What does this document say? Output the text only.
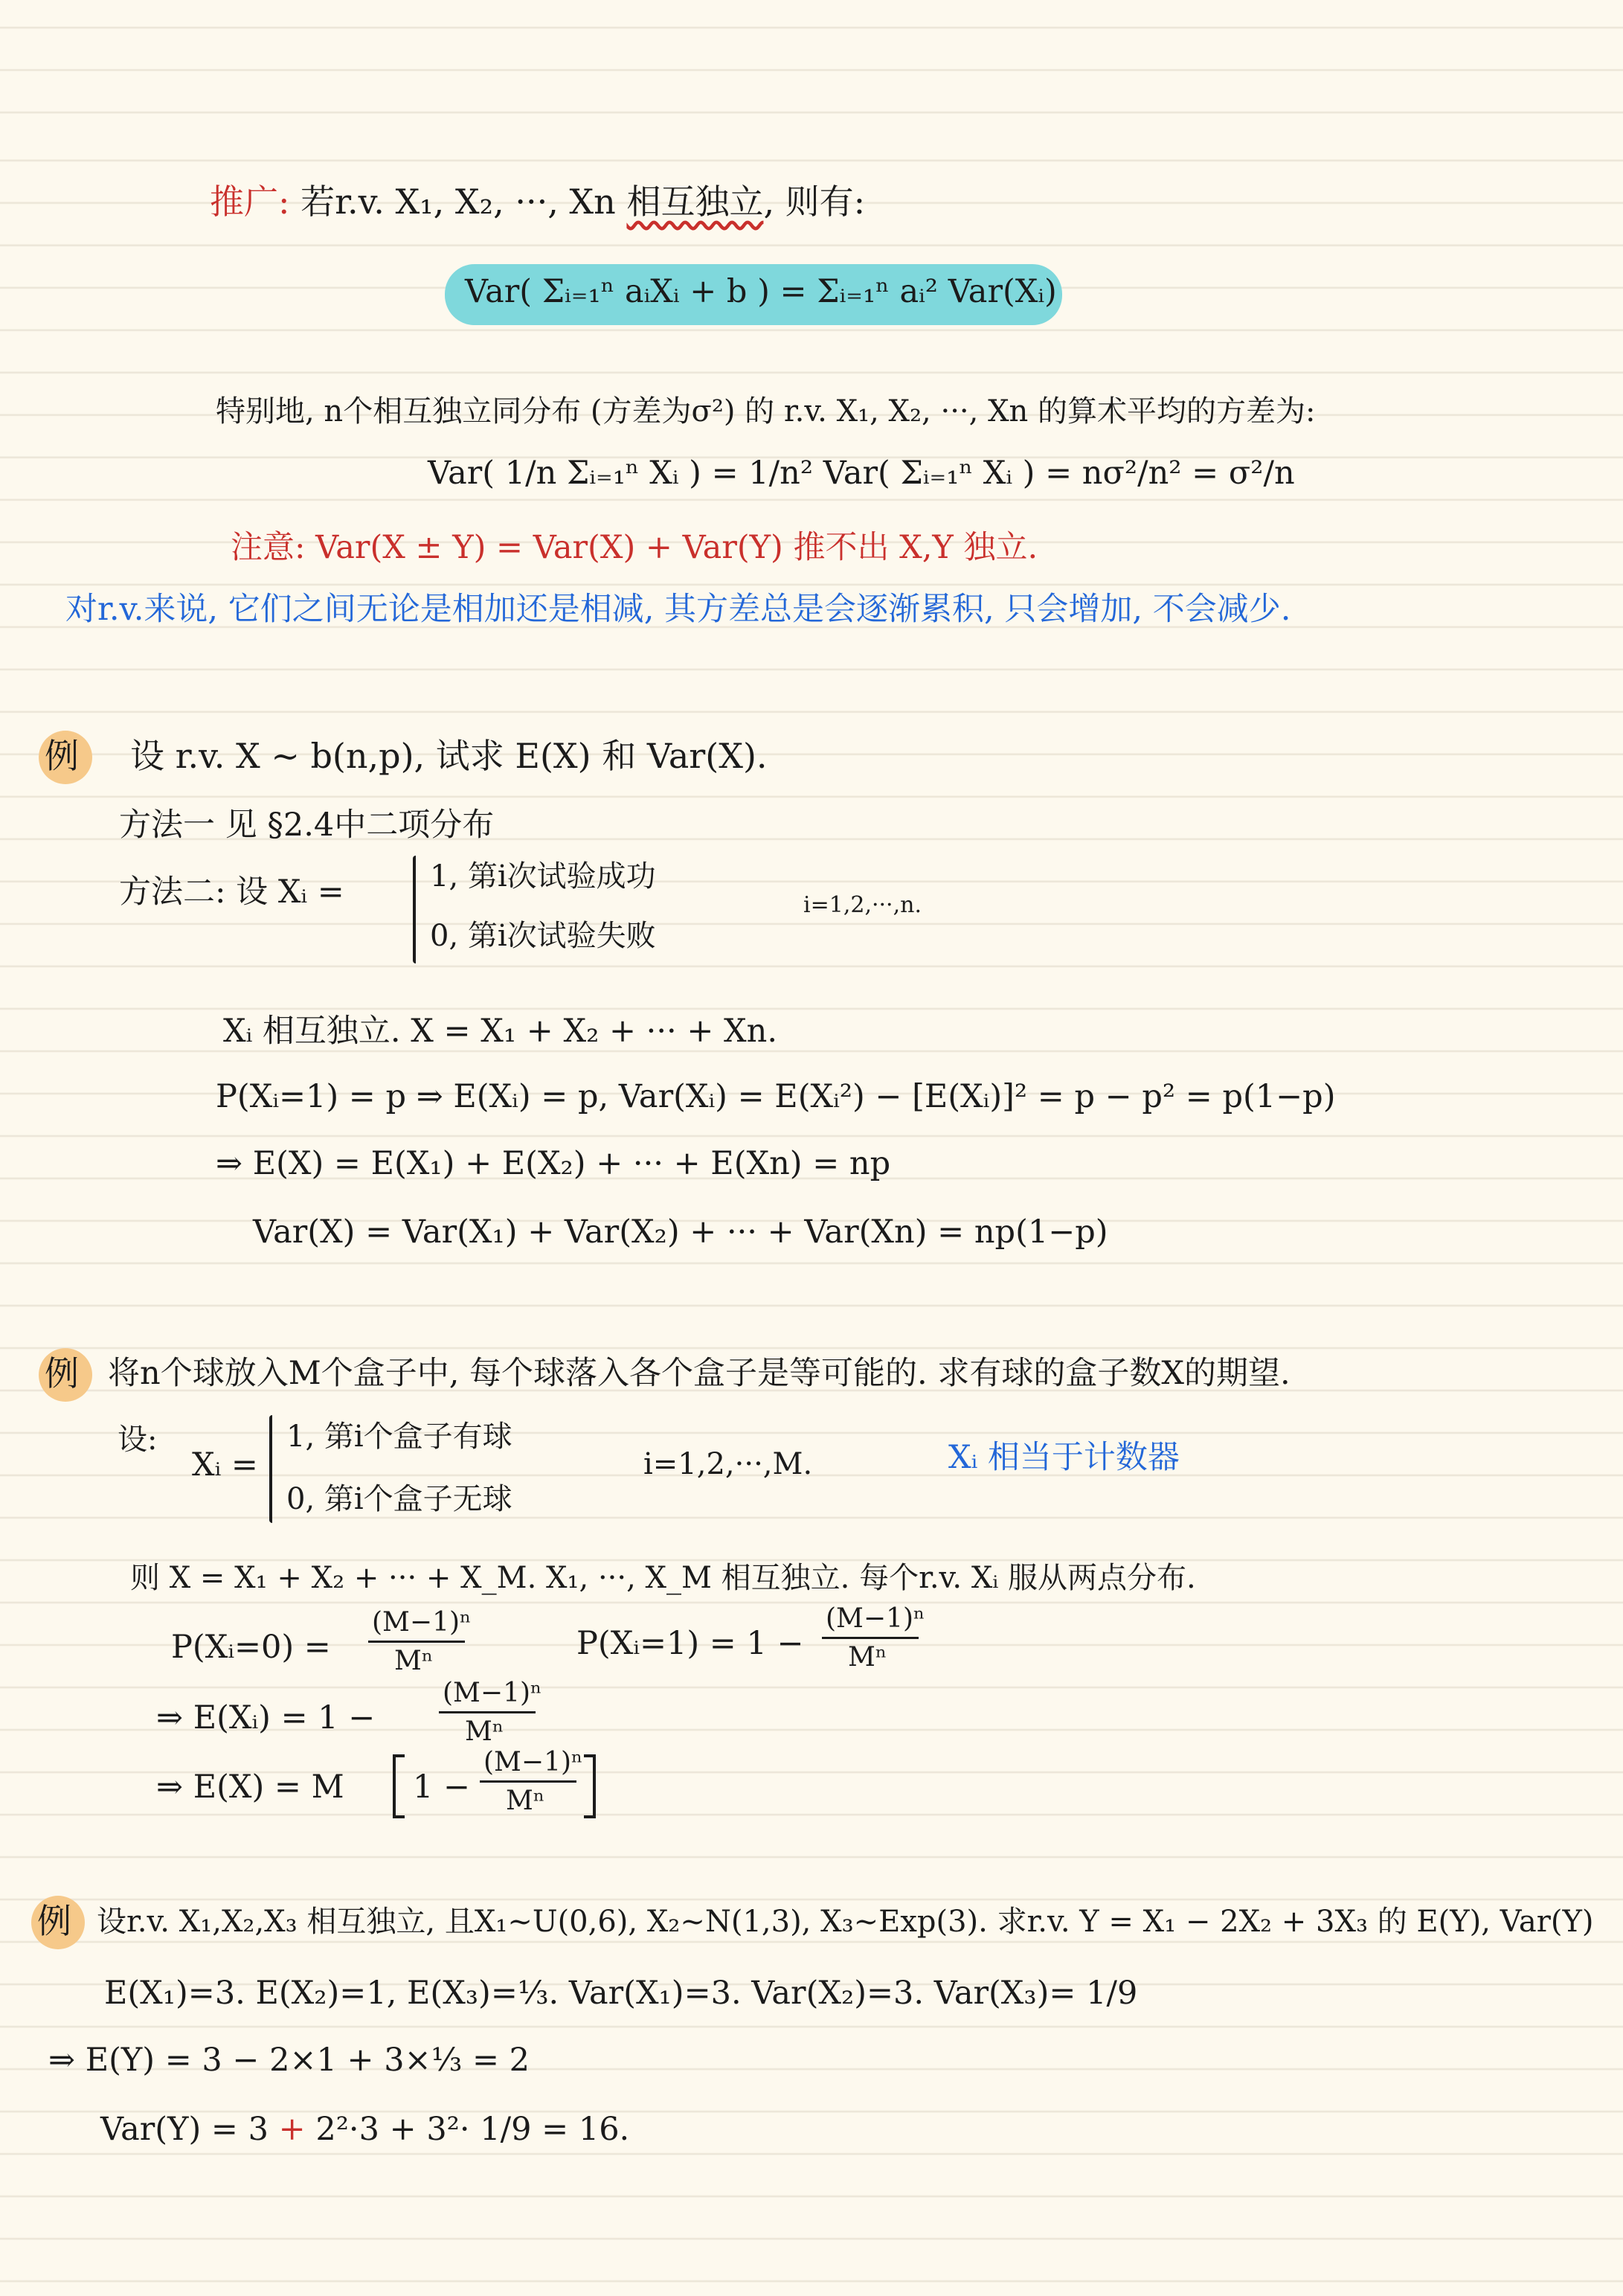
推广: 若r.v. X₁, X₂, ···, Xn 相互独立, 则有:
Var( Σᵢ₌₁ⁿ aᵢXᵢ + b ) = Σᵢ₌₁ⁿ aᵢ² Var(Xᵢ)
特别地, n个相互独立同分布 (方差为σ²) 的 r.v. X₁, X₂, ···, Xn 的算术平均的方差为:
Var( 1/n Σᵢ₌₁ⁿ Xᵢ ) = 1/n² Var( Σᵢ₌₁ⁿ Xᵢ ) = nσ²/n² = σ²/n
注意: Var(X ± Y) = Var(X) + Var(Y) 推不出 X,Y 独立.
对r.v.来说, 它们之间无论是相加还是相减, 其方差总是会逐渐累积, 只会增加, 不会减少.
例 设 r.v. X ~ b(n,p), 试求 E(X) 和 Var(X).
方法一 见 §2.4中二项分布
方法二: 设 Xᵢ =	1, 第i次试验成功
0, 第i次试验失败
i=1,2,···,n.
Xᵢ 相互独立. X = X₁ + X₂ + ··· + Xn.
P(Xᵢ=1) = p ⇒ E(Xᵢ) = p, Var(Xᵢ) = E(Xᵢ²) − [E(Xᵢ)]² = p − p² = p(1−p)
⇒ E(X) = E(X₁) + E(X₂) + ··· + E(Xn) = np
Var(X) = Var(X₁) + Var(X₂) + ··· + Var(Xn) = np(1−p)
例 将n个球放入M个盒子中, 每个球落入各个盒子是等可能的. 求有球的盒子数X的期望.
设:
Xᵢ =
1, 第i个盒子有球
0, 第i个盒子无球
i=1,2,···,M.	Xᵢ 相当于计数器
则 X = X₁ + X₂ + ··· + X_M. X₁, ···, X_M 相互独立. 每个r.v. Xᵢ 服从两点分布.
P(Xᵢ=0) =
(M−1)ⁿ
Mⁿ	P(Xᵢ=1) = 1 −
(M−1)ⁿ
Mⁿ
⇒ E(Xᵢ) = 1 −
(M−1)ⁿ
Mⁿ
⇒ E(X) = M 1 −
(M−1)ⁿ
Mⁿ
例 设r.v. X₁,X₂,X₃ 相互独立, 且X₁~U(0,6), X₂~N(1,3), X₃~Exp(3). 求r.v. Y = X₁ − 2X₂ + 3X₃ 的 E(Y), Var(Y)
E(X₁)=3. E(X₂)=1, E(X₃)=⅓. Var(X₁)=3. Var(X₂)=3. Var(X₃)= 1/9
⇒ E(Y) = 3 − 2×1 + 3×⅓ = 2
Var(Y) = 3 + 2²·3 + 3²· 1/9 = 16.
